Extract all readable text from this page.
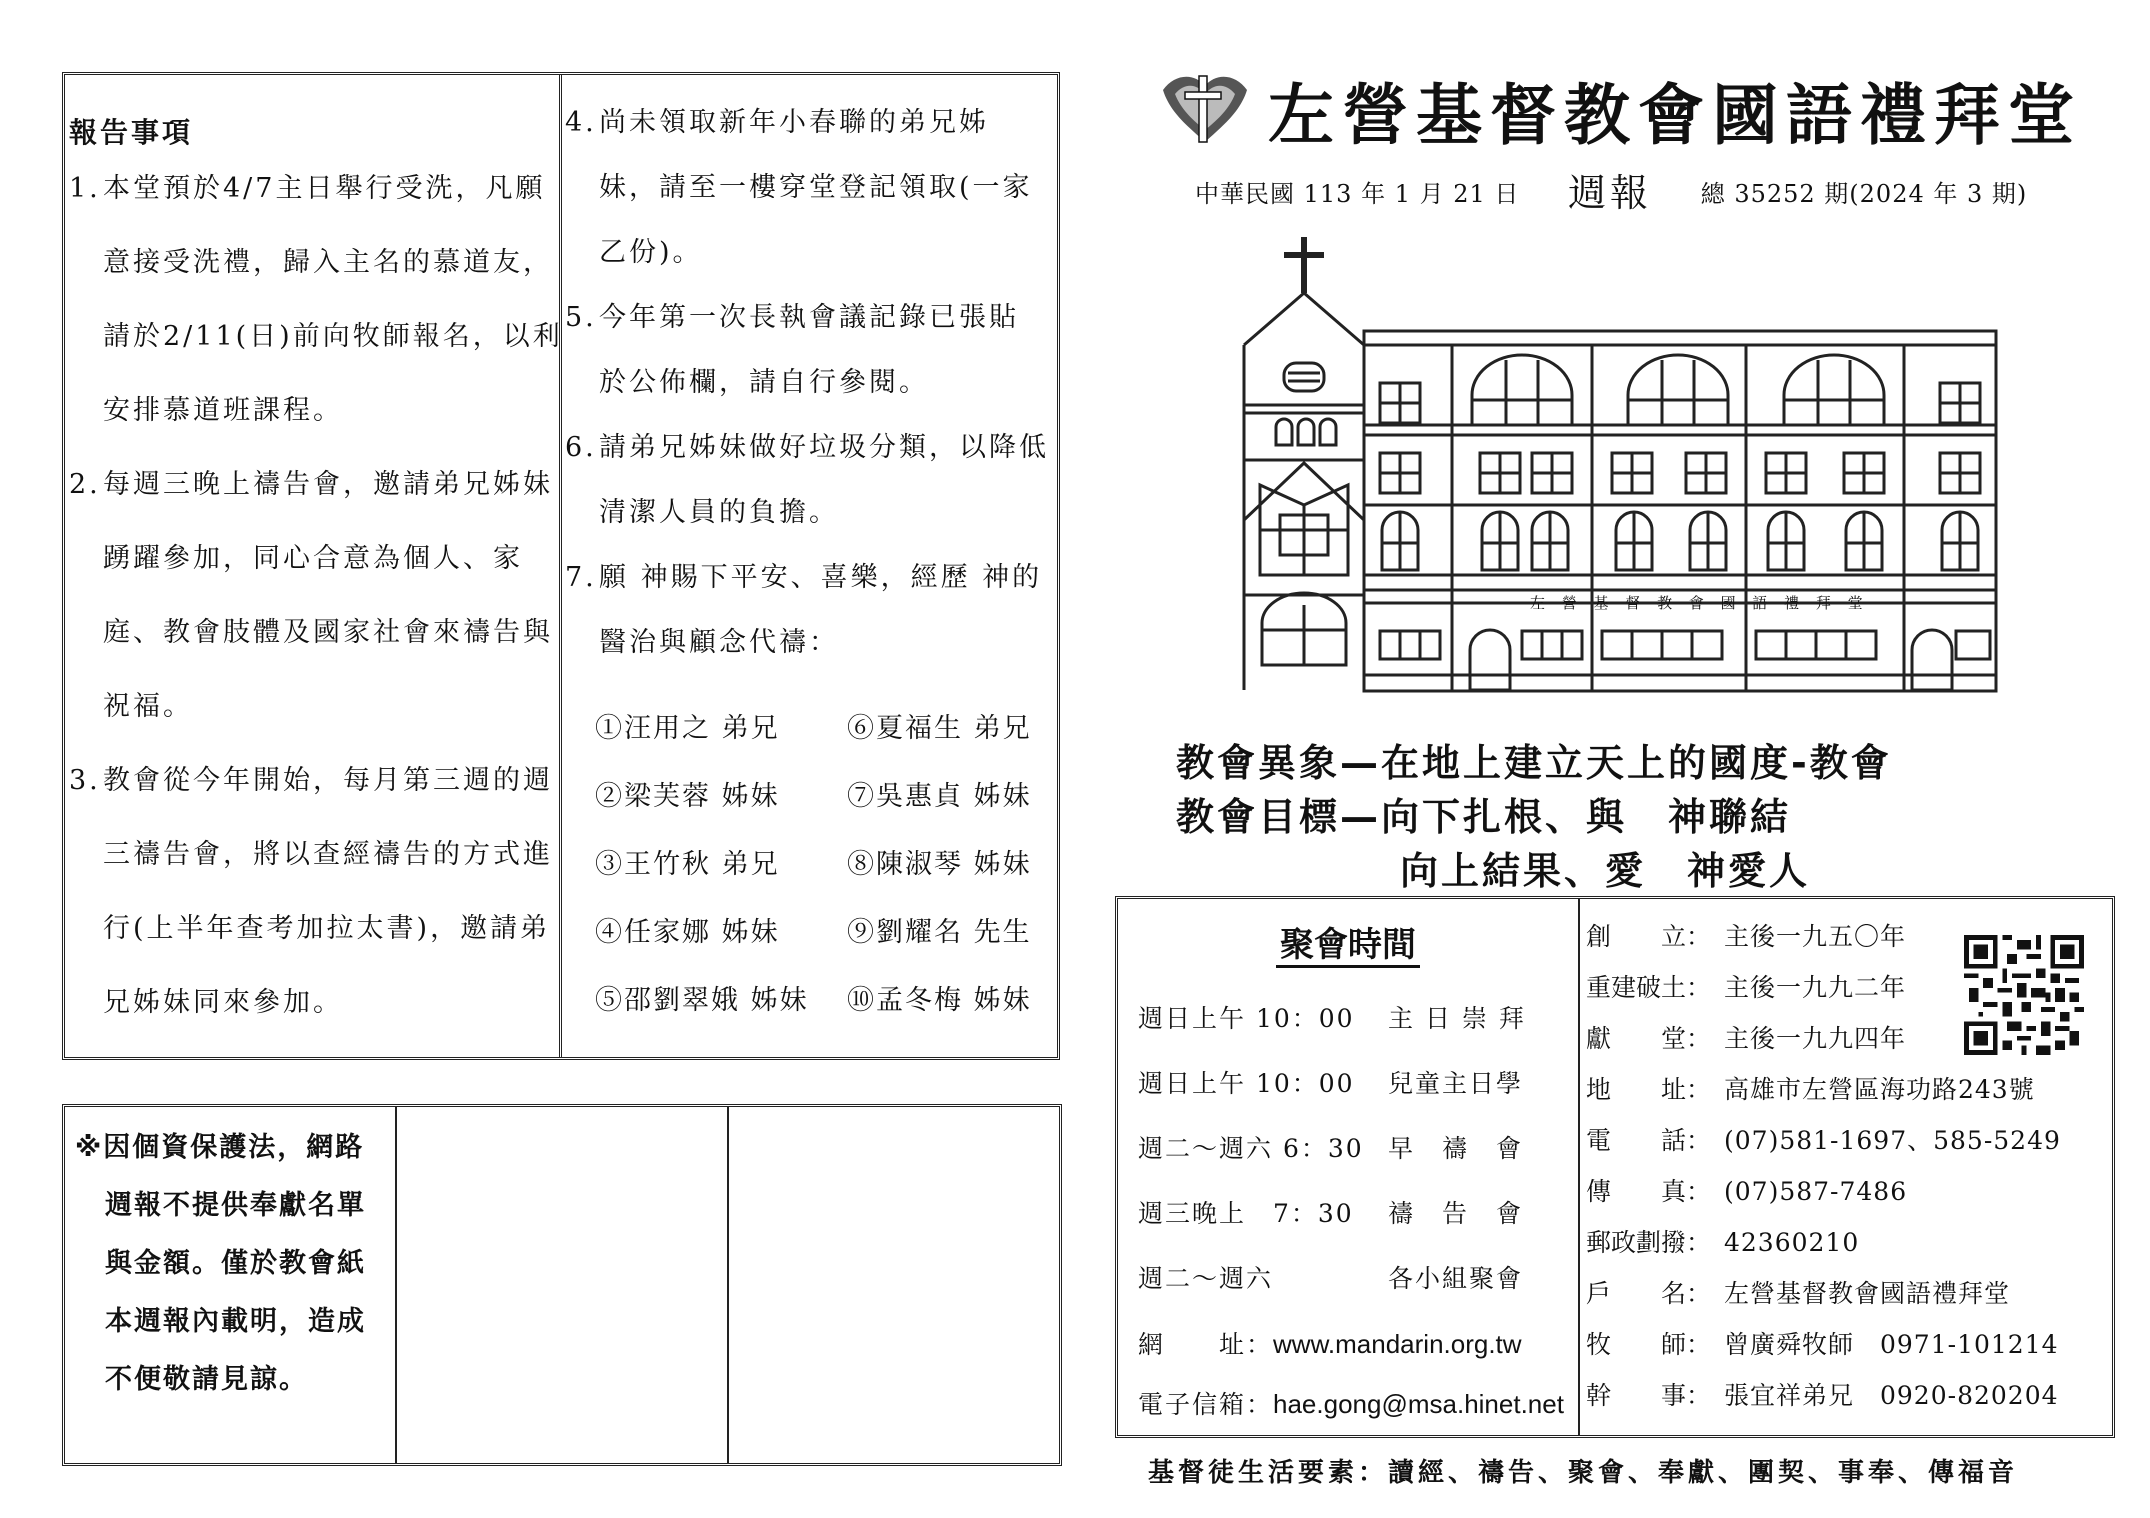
報告事項
1. 本堂預於4/7主日舉行受洗，凡願
意接受洗禮，歸入主名的慕道友，
請於2/11(日)前向牧師報名，以利
安排慕道班課程。
2. 每週三晚上禱告會，邀請弟兄姊妹
踴躍參加，同心合意為個人、家
庭、教會肢體及國家社會來禱告與
祝福。
3. 教會從今年開始，每月第三週的週
三禱告會，將以查經禱告的方式進
行(上半年查考加拉太書)，邀請弟
兄姊妹同來參加。
4. 尚未領取新年小春聯的弟兄姊
妹，請至一樓穿堂登記領取(一家
乙份)。
5. 今年第一次長執會議記錄已張貼
於公佈欄，請自行參閱。
6. 請弟兄姊妹做好垃圾分類，以降低
清潔人員的負擔。
7. 願 神賜下平安、喜樂，經歷 神的
醫治與顧念代禱：
①汪用之 弟兄 ⑥夏福生 弟兄
②梁芙蓉 姊妹 ⑦吳惠貞 姊妹
③王竹秋 弟兄 ⑧陳淑琴 姊妹
④任家娜 姊妹 ⑨劉耀名 先生
⑤邵劉翠娥 姊妹 ⑩孟冬梅 姊妹
※因個資保護法，網路
週報不提供奉獻名單
與金額。僅於教會紙
本週報內載明，造成
不便敬請見諒。
左營基督教會國語禮拜堂
中華民國 113 年 1 月 21 日 週報 總 35252 期(2024 年 3 期)
左 營 基 督 教 會 國 語 禮 拜 堂
教會異象—在地上建立天上的國度-教會
教會目標—向下扎根、與　神聯結
向上結果、愛　神愛人
聚會時間
週日上午 10：00 主 日 崇 拜
週日上午 10：00 兒童主日學
週二～週六 6：30 早　禱　會
週三晚上　7：30 禱　告　會
週二～週六	各小組聚會
網　　址：www.mandarin.org.tw
電子信箱：hae.gong@msa.hinet.net
創　　立： 主後一九五〇年
重建破土： 主後一九九二年
獻　　堂： 主後一九九四年
地　　址： 高雄市左營區海功路243號
電　　話： (07)581-1697、585-5249
傳　　真： (07)587-7486
郵政劃撥： 42360210
戶　　名： 左營基督教會國語禮拜堂
牧　　師： 曾廣舜牧師　0971-101214
幹　　事： 張宜祥弟兄　0920-820204
基督徒生活要素：讀經、禱告、聚會、奉獻、團契、事奉、傳福音
